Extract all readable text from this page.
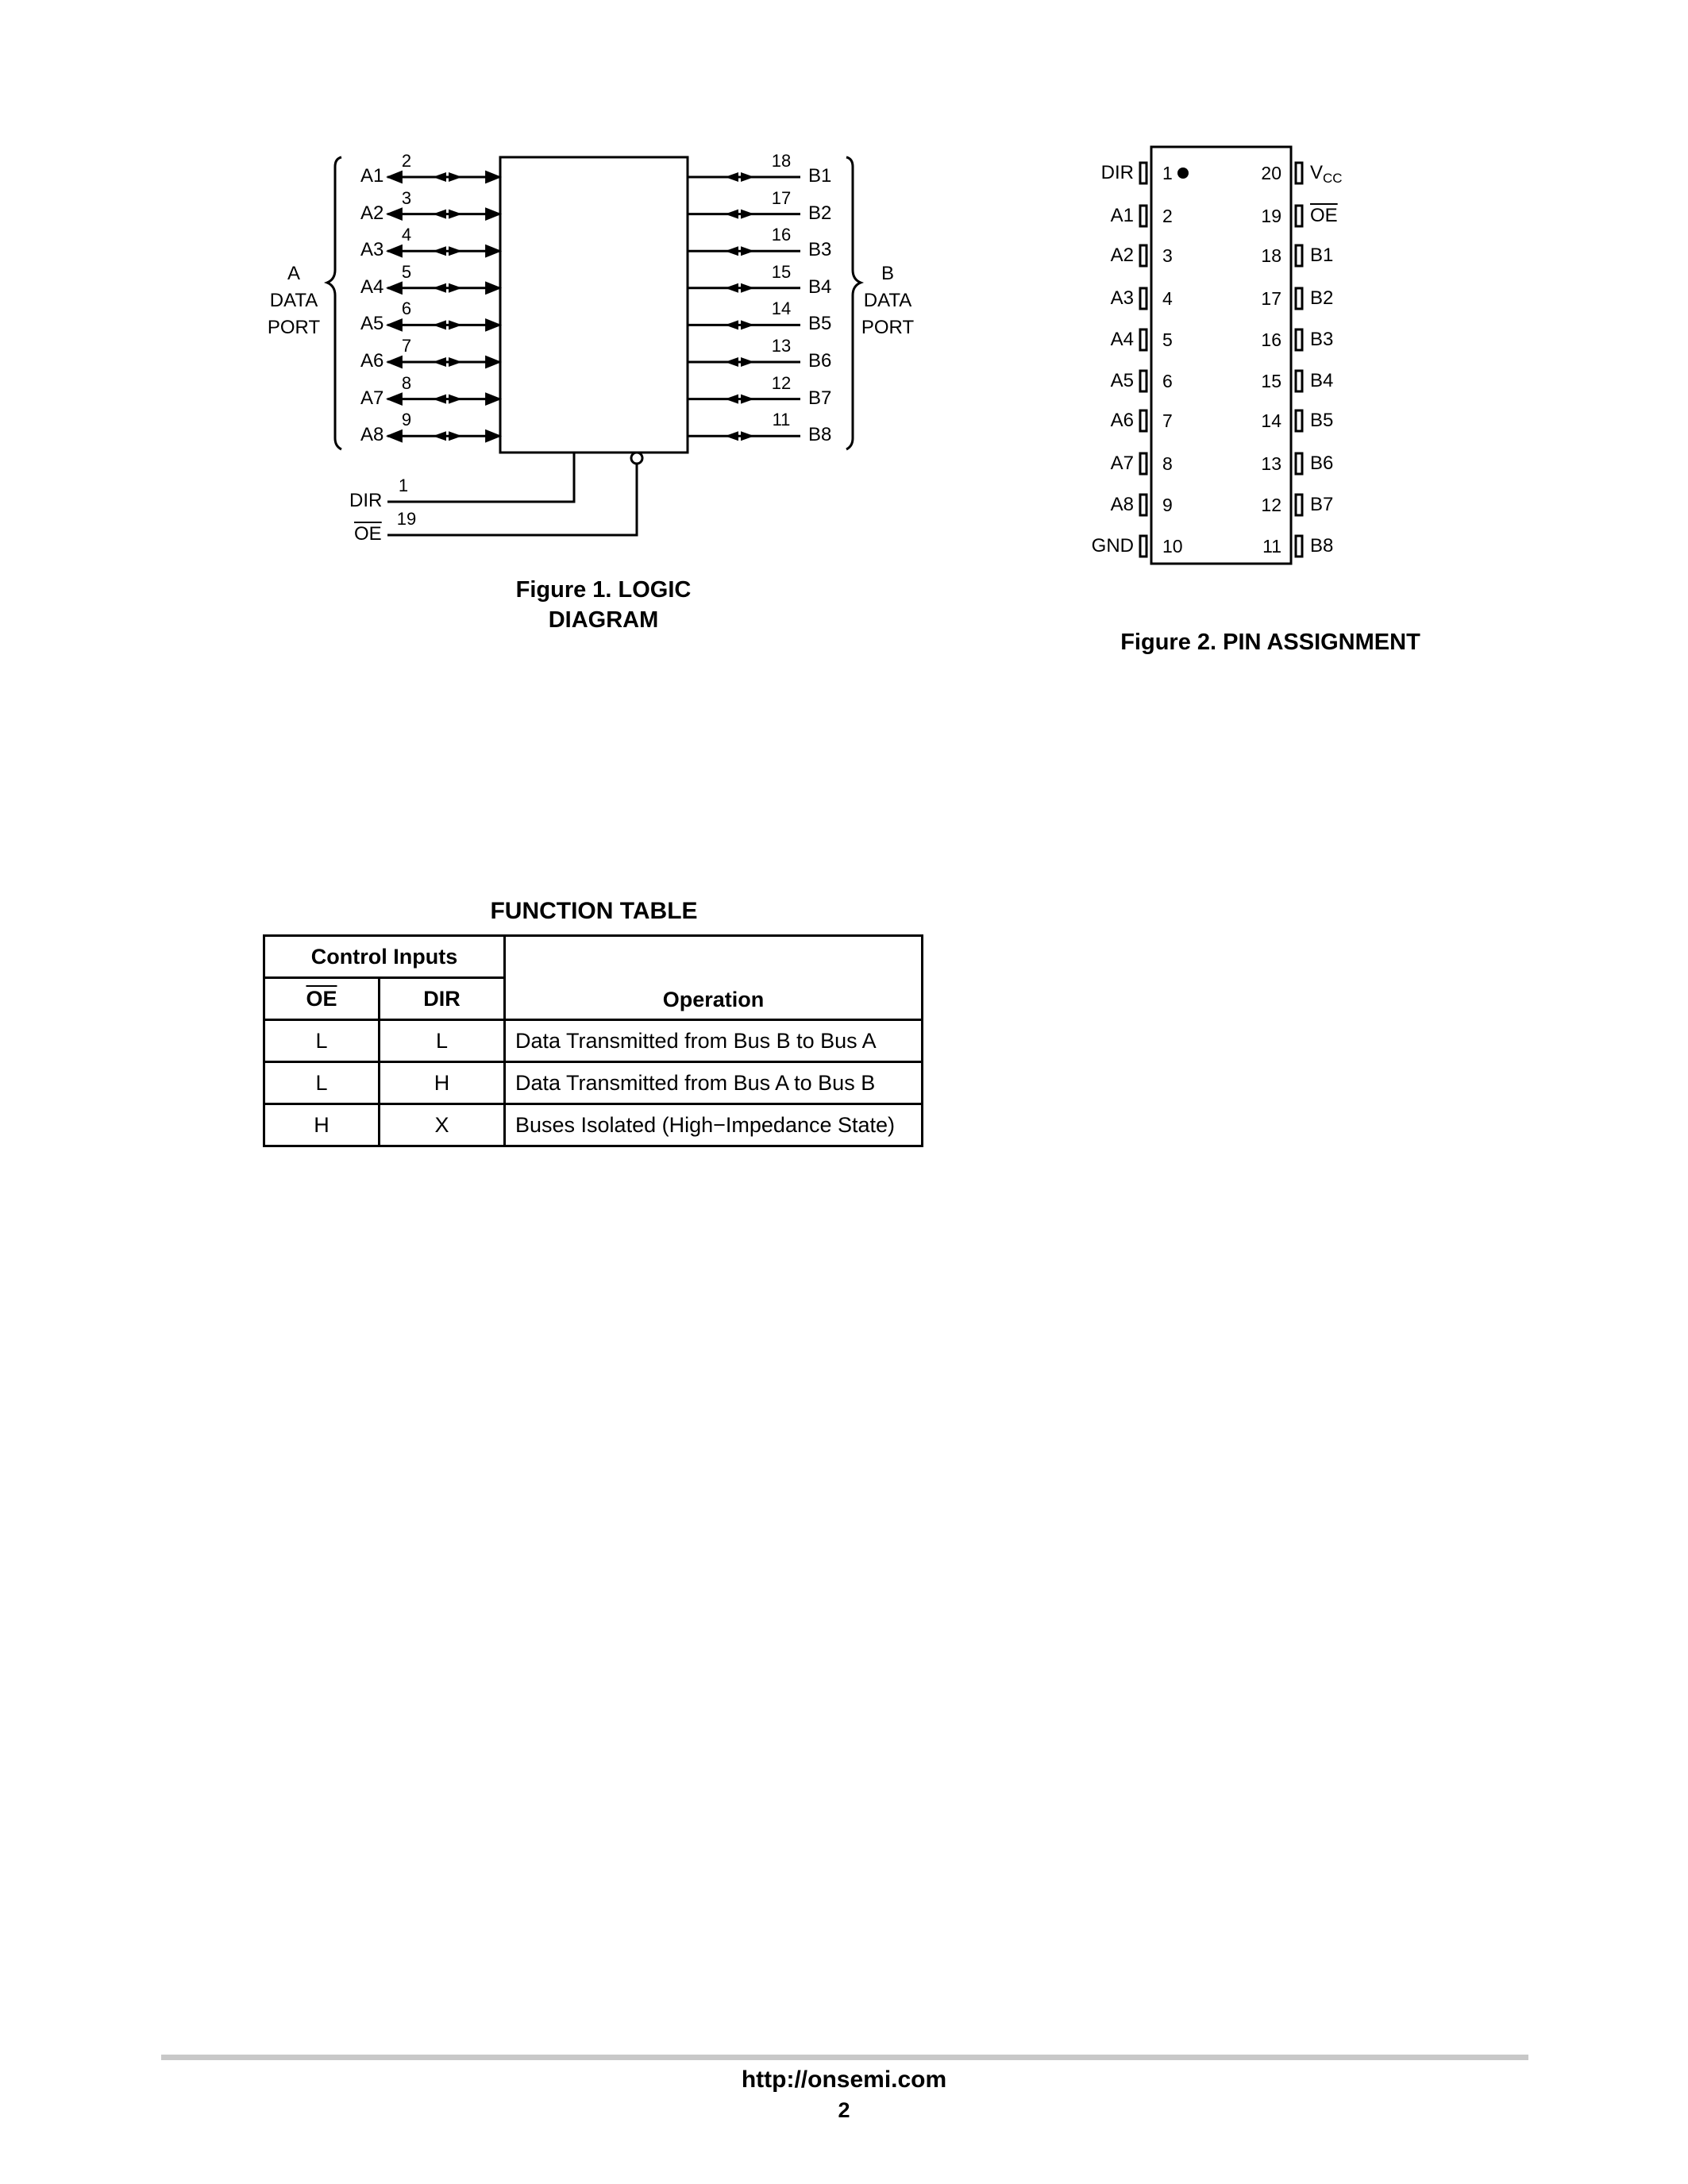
A
DATA
PORT
B
DATA
PORT
A1
2
A2
3
A3
4
A4
5
A5
6
A6
7
A7
8
A8
9
B1
18
B2
17
B3
16
B4
15
B5
14
B6
13
B7
12
B8
11
DIR
1
$\overline{OE}$
19
Figure 1. LOGIC
DIAGRAM
DIR 1
A1 2
A2 3
A3 4
A4 5
A5 6
A6 7
A7 8
A8 9
GND 10
$V_{CC}$
20
$\overline{OE}$
19
B1
18
B2
17
B3
16
B4
15
B5
14
B6
13
B7
12
B8
11
Figure 2. PIN ASSIGNMENT
FUNCTION TABLE
Control Inputs		Operation
$\overline{OE}$	DIR	
L	L	Data Transmitted from Bus B to Bus A
L	H	Data Transmitted from Bus A to Bus B
H	X	Buses Isolated (High−Impedance State)
http://onsemi.com
2
